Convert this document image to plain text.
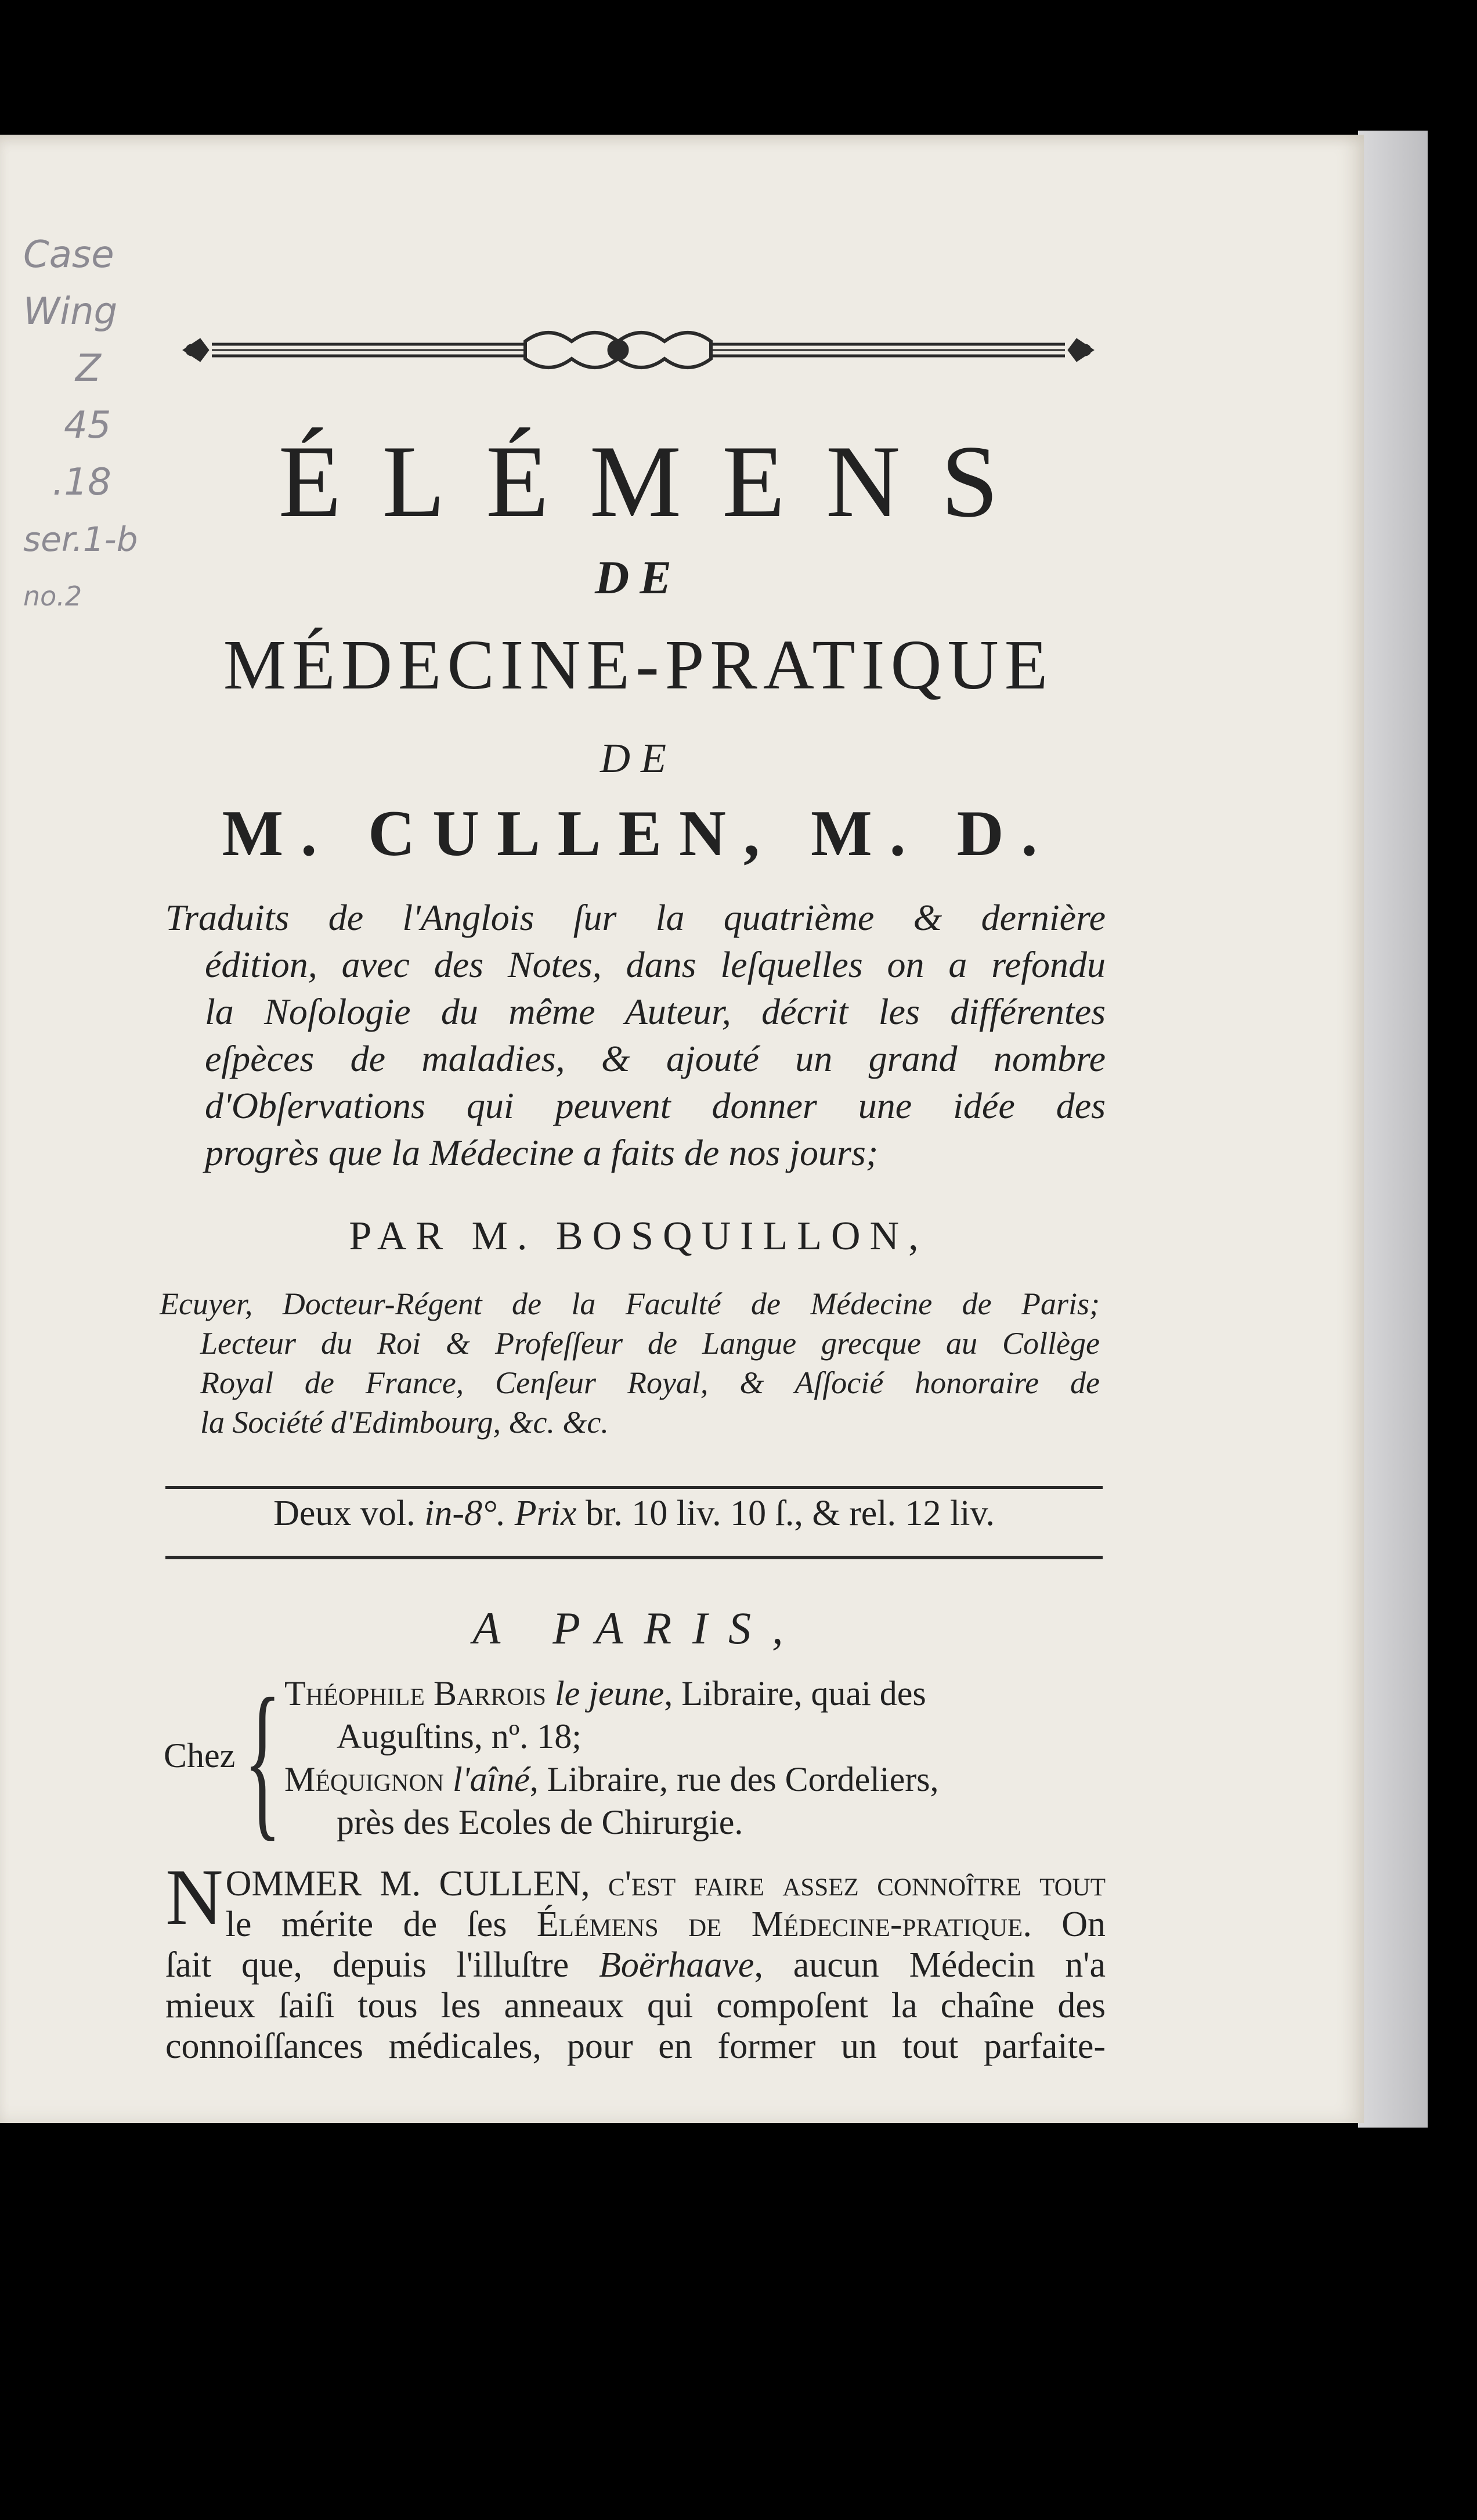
Case
Wing
Z
45
.18
ser.1-b
no.2
ÉLÉMENS
DE
MÉDECINE-PRATIQUE
DE
M. CULLEN, M. D.
Traduits de l'Anglois ſur la quatrième & dernière
édition, avec des Notes, dans leſquelles on a refondu
la Noſologie du même Auteur, décrit les différentes
eſpèces de maladies, & ajouté un grand nombre
d'Obſervations qui peuvent donner une idée des
progrès que la Médecine a faits de nos jours;
PAR M. BOSQUILLON,
Ecuyer, Docteur-Régent de la Faculté de Médecine de Paris;
Lecteur du Roi & Profeſſeur de Langue grecque au Collège
Royal de France, Cenſeur Royal, & Aſſocié honoraire de
la Société d'Edimbourg, &c. &c.
Deux vol. in-8°. Prix br. 10 liv. 10 ſ., & rel. 12 liv.
A PARIS,
Chez { Théophile Barrois le jeune, Libraire, quai des
Auguſtins, nº. 18;
Méquignon l'aîné, Libraire, rue des Cordeliers,
près des Ecoles de Chirurgie.
N OMMER M. CULLEN, c'eſt faire aſſez connoître tout
le mérite de ſes Élémens de Médecine-pratique. On
ſait que, depuis l'illuſtre Boërhaave, aucun Médecin n'a
mieux ſaiſi tous les anneaux qui compoſent la chaîne des
connoiſſances médicales, pour en former un tout parfaite-
